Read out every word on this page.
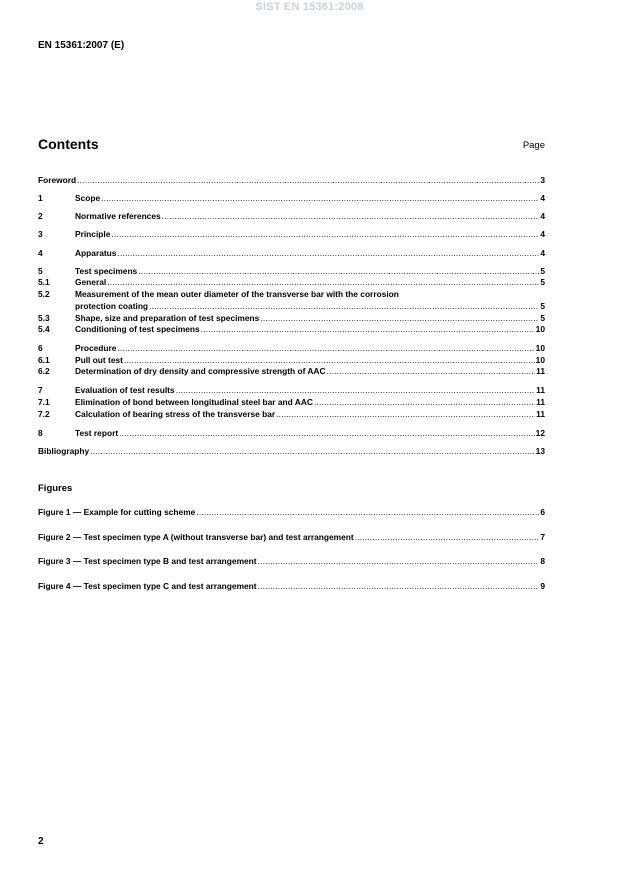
SIST EN 15361:2008
EN 15361:2007 (E)
Contents	Page
Foreword .....	3
1	Scope .....	4
2	Normative references .....	4
3	Principle .....	4
4	Apparatus .....	4
5	Test specimens .....	5
5.1	General .....	5
5.2	Measurement of the mean outer diameter of the transverse bar with the corrosion
protection coating .....	5
5.3	Shape, size and preparation of test specimens .....	5
5.4	Conditioning of test specimens .....	10
6	Procedure .....	10
6.1	Pull out test .....	10
6.2	Determination of dry density and compressive strength of AAC .....	11
7	Evaluation of test results .....	11
7.1	Elimination of bond between longitudinal steel bar and AAC .....	11
7.2	Calculation of bearing stress of the transverse bar .....	11
8	Test report .....	12
Bibliography .....	13
Figure 1 — Example for cutting scheme .....	6
Figure 2 — Test specimen type A (without transverse bar) and test arrangement .....	7
Figure 3 — Test specimen type B and test arrangement .....	8
Figure 4 — Test specimen type C and test arrangement .....	9
Figures
2
